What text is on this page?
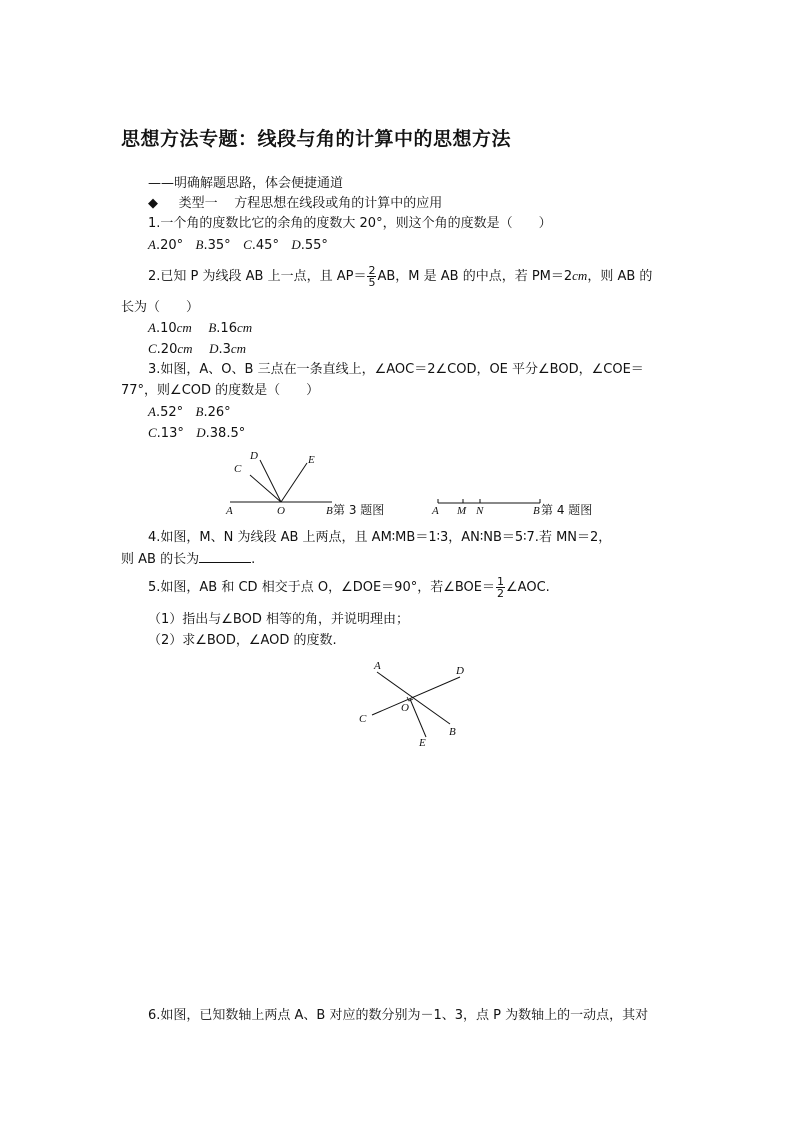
思想方法专题：线段与角的计算中的思想方法
——明确解题思路，体会便捷通道
◆ 类型一 方程思想在线段或角的计算中的应用
1.一个角的度数比它的余角的度数大 20°，则这个角的度数是（　　）
A.20° B.35° C.45° D.55°
2.已知 P 为线段 AB 上一点，且 $AP= \frac{2}{5}$ AB，M 是 AB 的中点，若 PM＝2cm，则 AB 的
长为（　　）
A.10cm B.16cm
C.20cm D.3cm
3.如图，A、O、B 三点在一条直线上，∠AOC＝2∠COD，OE 平分∠BOD，∠COE＝
77°，则∠COD 的度数是（　　）
A.52° B.26°
C.13° D.38.5°
A	O	B
C
D	E
第 3 题图	A M N	B 第 4 题图
4.如图，M、N 为线段 AB 上两点，且 AM∶MB＝1∶3，AN∶NB＝5∶7.若 MN＝2，
则 AB 的长为	.
5.如图，AB 和 CD 相交于点 O，∠DOE＝90°，若∠BOE＝ $\frac{1}{2}$ ∠AOC.
（1）指出与∠BOD 相等的角，并说明理由；
（2）求∠BOD，∠AOD 的度数.
A	D
O
C
B
E
6.如图，已知数轴上两点 A、B 对应的数分别为－1、3，点 P 为数轴上的一动点，其对
